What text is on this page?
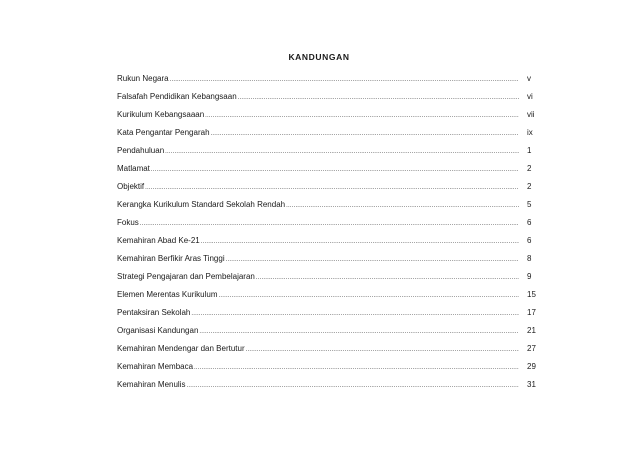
KANDUNGAN
Rukun Negara .....	v
Falsafah Pendidikan Kebangsaan .....	vi
Kurikulum Kebangsaaan .....	vii
Kata Pengantar Pengarah .....	ix
Pendahuluan .....	1
Matlamat .....	2
Objektif .....	2
Kerangka Kurikulum Standard Sekolah Rendah .....	5
Fokus .....	6
Kemahiran Abad Ke-21 .....	6
Kemahiran Berfikir Aras Tinggi .....	8
Strategi Pengajaran dan Pembelajaran .....	9
Elemen Merentas Kurikulum .....	15
Pentaksiran Sekolah .....	17
Organisasi Kandungan .....	21
Kemahiran Mendengar dan Bertutur .....	27
Kemahiran Membaca .....	29
Kemahiran Menulis .....	31
